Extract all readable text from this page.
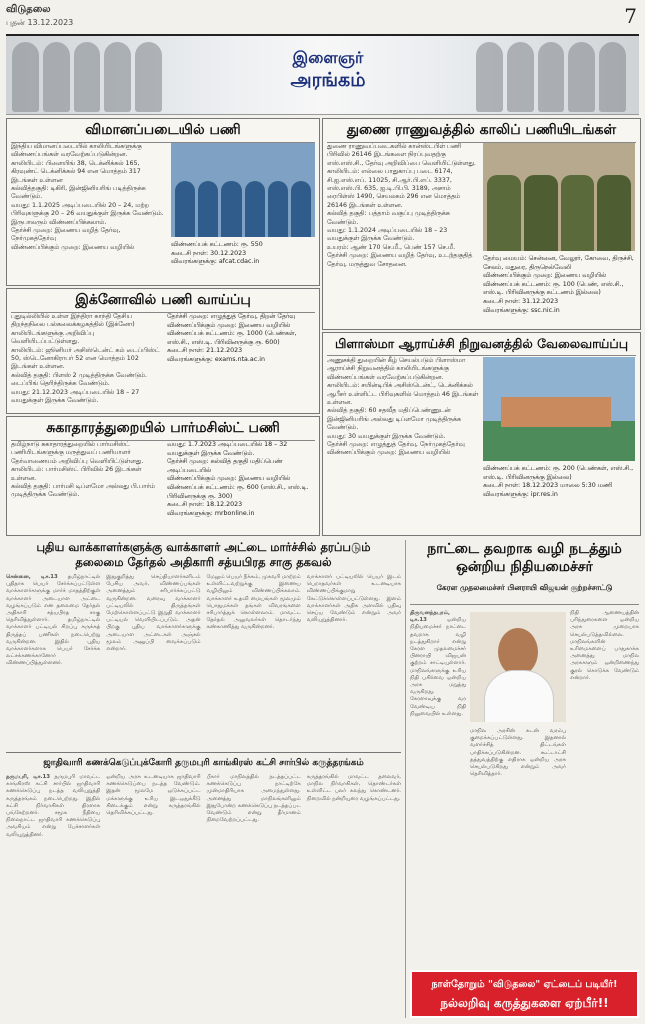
விடுதலை
புதன் 13.12.2023	7
இளைஞர்
அரங்கம்
விமானப்படையில் பணி
இந்திய விமானப்படையில் காலியிடங்களுக்கு விண்ணப்பங்கள் வரவேற்கப்படுகின்றன.
காலியிடம்: பிளையிங் 38, டெக்னிக்கல் 165, கிரவுண்ட் டெக்னிக்கல் 94 என மொத்தம் 317 இடங்கள் உள்ளன
கல்வித்தகுதி: டிகிரி, இன்ஜினியரிங் படித்திருக்க வேண்டும்.
வயது: 1.1.2025 அடிப்படையில் 20 – 24, மற்ற பிரிவுகளுக்கு 20 – 26 வயதுக்குள் இருக்க வேண்டும்.
இருபாலரும் விண்ணப்பிக்கலாம்.
தேர்ச்சி முறை: இணைய வழித் தேர்வு, நேர்முகத்தேர்வு
விண்ணப்பிக்கும் முறை: இணைய வழியில்	விண்ணப்பக் கட்டணம்: ரூ. 550
கடைசி நாள்: 30.12.2023
விவரங்களுக்கு: afcat.cdac.in
துணை ராணுவத்தில் காலிப் பணியிடங்கள்
துணை ராணுவப்படைகளில் கான்ஸ்டபிள் பணி பிரிவில் 26146 இடங்களை நிரப்புவதற்கு எஸ்.எஸ்.சி., தேர்வு அறிவிப்பை வெளியிட்டுள்ளது.
காலியிடம்: எல்லை பாதுகாப்பு படை 6174, சி.ஐ.எஸ்.எப். 11025, சி.ஆர்.பி.எப். 3337, எஸ்.எஸ்.பி. 635, ஐ.டி.பி.பி. 3189, அசாம் ரைபிள்ஸ் 1490, செயலகம் 296 என மொத்தம் 26146 இடங்கள் உள்ளன.
கல்வித் தகுதி: பத்தாம் வகுப்பு முடித்திருக்க வேண்டும்.
வயது: 1.1.2024 அடிப்படையில் 18 – 23 வயதுக்குள் இருக்க வேண்டும்.
உயரம்: ஆண் 170 செ.மீ., பெண் 157 செ.மீ.
தேர்ச்சி முறை: இணைய வழித் தேர்வு, உடற்தகுதித் தேர்வு, மருத்துவ சோதனை.
தேர்வு மையம்: சென்னை, வேலூர், கோவை, திருச்சி, சேலம், மதுரை, திருநெல்வேலி
விண்ணப்பிக்கும் முறை: இணைய வழியில்
விண்ணப்பக் கட்டணம்: ரூ. 100 (பெண், எஸ்.சி., எஸ்.டி. பிரிவினருக்கு கட்டணம் இல்லை)
கடைசி நாள்: 31.12.2023
விவரங்களுக்கு: ssc.nic.in
இக்னோவில் பணி வாய்ப்பு
புதுடில்லியில் உள்ள இந்திரா காந்தி தேசிய திறந்தநிலை பல்கலைக்கழகத்தில் (இக்னோ) காலியிடங்களுக்கு அறிவிப்பு வெளியிடப்பட்டுள்ளது.
காலியிடம்: ஜூனியர் அசிஸ்டென்ட் கம் டைப்பிஸ்ட் 50, ஸ்டெனோகிராபர் 52 என மொத்தம் 102 இடங்கள் உள்ளன.
கல்வித் தகுதி: பிளஸ் 2 முடித்திருக்க வேண்டும். டைப்பிங் தெரிந்திருக்க வேண்டும்.
வயது: 21.12.2023 அடிப்படையில் 18 – 27 வயதுக்குள் இருக்க வேண்டும்.
தேர்ச்சி முறை: எழுத்துத் தேர்வு, திறன் தேர்வு
விண்ணப்பிக்கும் முறை: இணைய வழியில்
விண்ணப்பக் கட்டணம்: ரூ. 1000 (பெண்கள், எஸ்.சி., எஸ்.டி. பிரிவினருக்கு ரூ. 600)
கடைசி நாள்: 21.12.2023
விவரங்களுக்கு: exams.nta.ac.in
சுகாதாரத்துறையில் பார்மசிஸ்ட் பணி
தமிழ்நாடு சுகாதாரத்துறையில் பார்மசிஸ்ட் பணியிடங்களுக்கு மருத்துவப் பணியாளர் தேர்வாணையம் அறிவிப்பு வெளியிட்டுள்ளது.
காலியிடம்: பார்மசிஸ்ட் பிரிவில் 26 இடங்கள் உள்ளன.
கல்வித் தகுதி: பார்மசி டிப்ளமோ அல்லது பி.பார்ம் முடித்திருக்க வேண்டும்.
வயது: 1.7.2023 அடிப்படையில் 18 – 32 வயதுக்குள் இருக்க வேண்டும்.
தேர்ச்சி முறை: கல்வித் தகுதி மதிப்பெண் அடிப்படையில்
விண்ணப்பிக்கும் முறை: இணைய வழியில்
விண்ணப்பக் கட்டணம்: ரூ. 600 (எஸ்.சி., எஸ்.டி. பிரிவினருக்கு ரூ. 300)
கடைசி நாள்: 18.12.2023
விவரங்களுக்கு: mrbonline.in
பிளாஸ்மா ஆராய்ச்சி நிறுவனத்தில் வேலைவாய்ப்பு
அணுசக்தி துறையின் கீழ் செயல்படும் பிளாஸ்மா ஆராய்ச்சி நிறுவனத்தில் காலியிடங்களுக்கு விண்ணப்பங்கள் வரவேற்கப்படுகின்றன.
காலியிடம்: சயின்டிபிக் அசிஸ்டென்ட், டெக்னிக்கல் ஆபீசர் உள்ளிட்ட பிரிவுகளில் மொத்தம் 46 இடங்கள் உள்ளன.
கல்வித் தகுதி: 60 சதவீத மதிப்பெண்ணுடன் இன்ஜினியரிங் அல்லது டிப்ளமோ முடித்திருக்க வேண்டும்.
வயது: 30 வயதுக்குள் இருக்க வேண்டும்.
தேர்ச்சி முறை: எழுத்துத் தேர்வு, நேர்முகத்தேர்வு
விண்ணப்பிக்கும் முறை: இணைய வழியில்
விண்ணப்பக் கட்டணம்: ரூ. 200 (பெண்கள், எஸ்.சி., எஸ்.டி. பிரிவினருக்கு இல்லை)
கடைசி நாள்: 18.12.2023 மாலை 5:30 மணி
விவரங்களுக்கு: ipr.res.in
புதிய வாக்காளர்களுக்கு வாக்காளர் அட்டை மார்ச்சில் தரப்படும்
தலைமை தேர்தல் அதிகாரி சத்யபிரத சாகு தகவல்
சென்னை, டிச.13 தமிழ்நாட்டில் புதிதாக பெயர் சேர்க்கப்பட்டுள்ள வாக்காளர்களுக்கு மார்ச் மாதத்திற்குள் வாக்காளர் அடையாள அட்டை வழங்கப்படும் என தலைமை தேர்தல் அதிகாரி சத்யபிரத சாகு தெரிவித்துள்ளார். தமிழ்நாட்டில் வாக்காளர் பட்டியல் சிறப்பு சுருக்கத் திருத்தப் பணிகள் நடைபெற்று வருகின்றன. இதில் புதிய வாக்காளர்களாக பெயர் சேர்க்க லட்சக்கணக்கானோர் விண்ணப்பித்துள்ளனர்.
இதுகுறித்து செய்தியாளர்களிடம் பேசிய அவர், விண்ணப்பங்கள் அனைத்தும் சரிபார்க்கப்பட்டு வருகின்றன. வரைவு வாக்காளர் பட்டியலில் திருத்தங்கள் மேற்கொள்ளப்பட்டு இறுதி வாக்காளர் பட்டியல் வெளியிடப்படும். அதன் பிறகு புதிய வாக்காளர்களுக்கு அடையாள அட்டைகள் அஞ்சல் மூலம் அனுப்பி வைக்கப்படும் என்றார்.
மேலும் பெயர் நீக்கம், முகவரி மாற்றம் உள்ளிட்டவற்றுக்கு இணைய வழியிலும் விண்ணப்பிக்கலாம். வாக்காளர் உதவி மையங்கள் மூலமும் பொதுமக்கள் தங்கள் விவரங்களை சரிபார்த்துக் கொள்ளலாம். மாவட்ட தேர்தல் அலுவலர்கள் தொடர்ந்து கண்காணித்து வருகின்றனர்.
வாக்காளர் பட்டியலில் பெயர் இடம் பெறாதவர்கள் உடனடியாக விண்ணப்பிக்குமாறு கேட்டுக்கொள்ளப்பட்டுள்ளது. இளம் வாக்காளர்கள் அதிக அளவில் பதிவு செய்ய வேண்டும் என்றும் அவர் வலியுறுத்தினார்.
ஜாதிவாரி கணக்கெடுப்புக்கோரி தருமபுரி காங்கிரஸ் கட்சி சார்பில் கருத்தரங்கம்
தருமபுரி, டிச.13 தருமபுரி மாவட்ட காங்கிரஸ் கட்சி சார்பில் ஜாதிவாரி கணக்கெடுப்பு நடத்த வலியுறுத்தி கருத்தரங்கம் நடைபெற்றது. இதில் கட்சி நிர்வாகிகள் திரளாக பங்கேற்றனர். சமூக நீதியை நிலைநாட்ட ஜாதிவாரி கணக்கெடுப்பு அவசியம் என்று பேச்சாளர்கள் வலியுறுத்தினர்.
ஒன்றிய அரசு உடனடியாக ஜாதிவாரி கணக்கெடுப்பை நடத்த வேண்டும். இதன் மூலமே ஒடுக்கப்பட்ட மக்களுக்கு உரிய இடஒதுக்கீடு கிடைக்கும் என்று கருத்தரங்கில் தெரிவிக்கப்பட்டது.
பீகார் மாநிலத்தில் நடத்தப்பட்ட கணக்கெடுப்பு நாட்டிற்கே முன்மாதிரியாக அமைந்துள்ளது. அனைத்து மாநிலங்களிலும் இதுபோன்ற கணக்கெடுப்பு நடத்தப்பட வேண்டும் என்று தீர்மானம் நிறைவேற்றப்பட்டது.
கருத்தரங்கில் மாவட்ட தலைவர், மாநில நிர்வாகிகள், தொண்டர்கள் உள்ளிட்ட பலர் கலந்து கொண்டனர். நிறைவில் நன்றியுரை வழங்கப்பட்டது.
நாட்டை தவறாக வழி நடத்தும்
ஒன்றிய நிதியமைச்சர்
கேரள முதலமைச்சர் பினராயி விஜயன் குற்றச்சாட்டு
திருவனந்தபுரம், டிச.13	ஒன்றிய நிதியமைச்சர் நாட்டை தவறாக வழி நடத்துகிறார் என்று கேரள முதலமைச்சர் பினராயி விஜயன் குற்றம் சாட்டியுள்ளார். மாநிலங்களுக்கு உரிய நிதி பகிர்வை ஒன்றிய அரசு மறுத்து வருகிறது. கேரளாவுக்கு வர வேண்டிய நிதி நிலுவையில் உள்ளது.
மாநில அரசின் கடன் வரம்பு குறைக்கப்பட்டுள்ளது. இதனால் வளர்ச்சித் திட்டங்கள் பாதிக்கப்படுகின்றன. கூட்டாட்சி தத்துவத்திற்கு எதிராக ஒன்றிய அரசு செயல்படுகிறது என்றும் அவர் தெரிவித்தார்.
நிதி ஆணையத்தின் பரிந்துரைகளை ஒன்றிய அரசு முறையாக செயல்படுத்தவில்லை. மாநிலங்களின் உரிமைகளைப் பாதுகாக்க அனைத்து மாநில அரசுகளும் ஒன்றிணைந்து குரல் கொடுக்க வேண்டும் என்றார்.
நாள்தோறும் "விடுதலை" ஏட்டைப் படியீர்!
நல்லறிவு கருத்துகளை ஏற்பீர்!!
